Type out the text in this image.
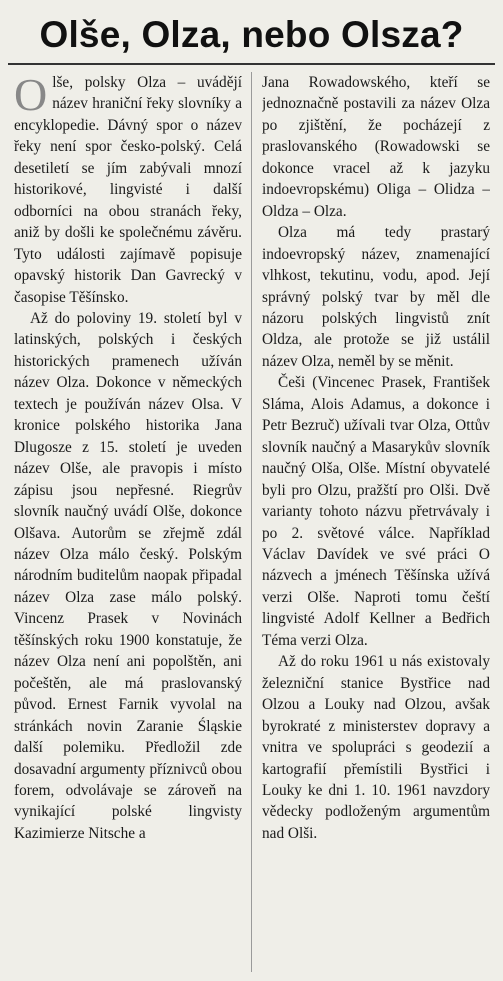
Olše, Olza, nebo Olsza?

Olše, polsky Olza – uvádějí název hraniční řeky slovníky a encyklopedie. Dávný spor o název řeky není spor česko-polský. Celá desetiletí se jím zabývali mnozí historikové, lingvisté i další odborníci na obou stranách řeky, aniž by došli ke společnému závěru. Tyto události zajímavě popisuje opavský historik Dan Gavrecký v časopise Těšínsko.

Až do poloviny 19. století byl v latinských, polských i českých historických pramenech užíván název Olza. Dokonce v německých textech je používán název Olsa. V kronice polského historika Jana Dlugosze z 15. století je uveden název Olše, ale pravopis i místo zápisu jsou nepřesné. Riegrův slovník naučný uvádí Olše, dokonce Olšava. Autorům se zřejmě zdál název Olza málo český. Polským národním buditelům naopak připadal název Olza zase málo polský. Vincenz Prasek v Novinách těšínských roku 1900 konstatuje, že název Olza není ani popolštěn, ani počeštěn, ale má praslovanský původ. Ernest Farnik vyvolal na stránkách novin Zaranie Śląskie další polemiku. Předložil zde dosavadní argumenty příznivců obou forem, odvolávaje se zároveň na vynikající polské lingvisty Kazimierze Nitsche a

Jana Rowadowského, kteří se jednoznačně postavili za název Olza po zjištění, že pocházejí z praslovanského (Rowadowski se dokonce vracel až k jazyku indoevropskému) Oliga – Olidza – Oldza – Olza.

Olza má tedy prastarý indoevropský název, znamenající vlhkost, tekutinu, vodu, apod. Její správný polský tvar by měl dle názoru polských lingvistů znít Oldza, ale protože se již ustálil název Olza, neměl by se měnit.

Češi (Vincenec Prasek, František Sláma, Alois Adamus, a dokonce i Petr Bezruč) užívali tvar Olza, Ottův slovník naučný a Masarykův slovník naučný Olša, Olše. Místní obyvatelé byli pro Olzu, pražští pro Olši. Dvě varianty tohoto názvu přetrvávaly i po 2. světové válce. Například Václav Davídek ve své práci O názvech a jménech Těšínska užívá verzi Olše. Naproti tomu čeští lingvisté Adolf Kellner a Bedřich Téma verzi Olza.

Až do roku 1961 u nás existovaly železniční stanice Bystřice nad Olzou a Louky nad Olzou, avšak byrokraté z ministerstev dopravy a vnitra ve spolupráci s geodezií a kartografií přemístili Bystřici i Louky ke dni 1. 10. 1961 navzdory vědecky podloženým argumentům nad Olši.
